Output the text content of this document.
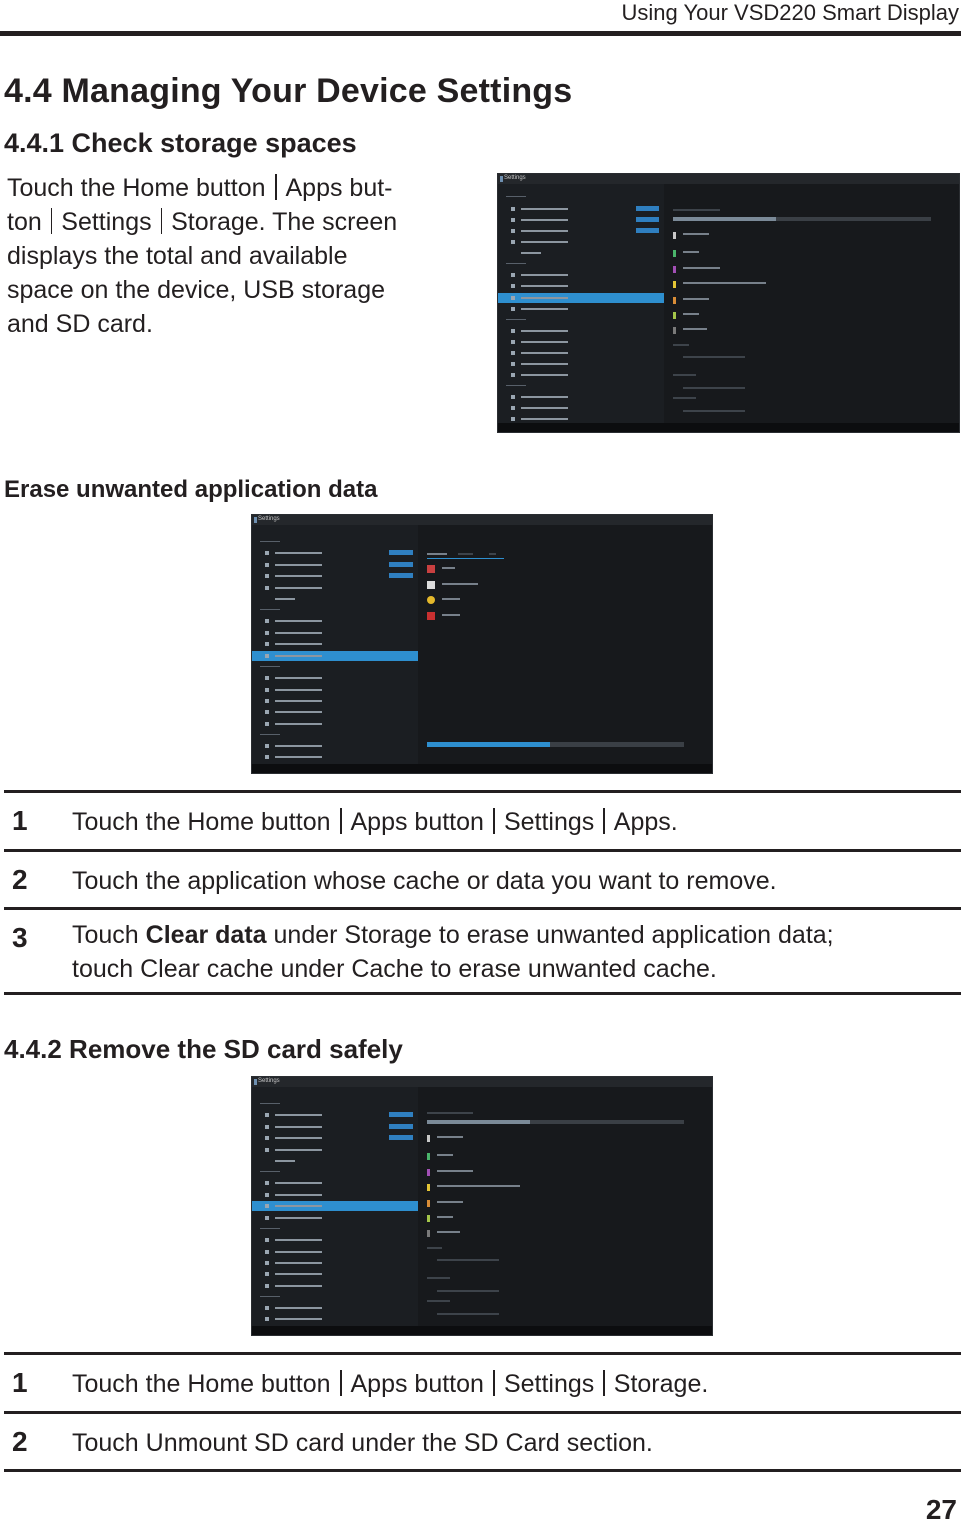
Using Your VSD220 Smart Display
4.4 Managing Your Device Settings
4.4.1 Check storage spaces
Touch the Home button Apps but-
ton Settings Storage. The screen
displays the total and available
space on the device, USB storage
and SD card.
Settings
Erase unwanted application data
Settings
1 Touch the Home button Apps button Settings Apps.
2 Touch the application whose cache or data you want to remove.
3 Touch Clear data under Storage to erase unwanted application data;
touch Clear cache under Cache to erase unwanted cache.
4.4.2 Remove the SD card safely
Settings
1 Touch the Home button Apps button Settings Storage.
2 Touch Unmount SD card under the SD Card section.
27
